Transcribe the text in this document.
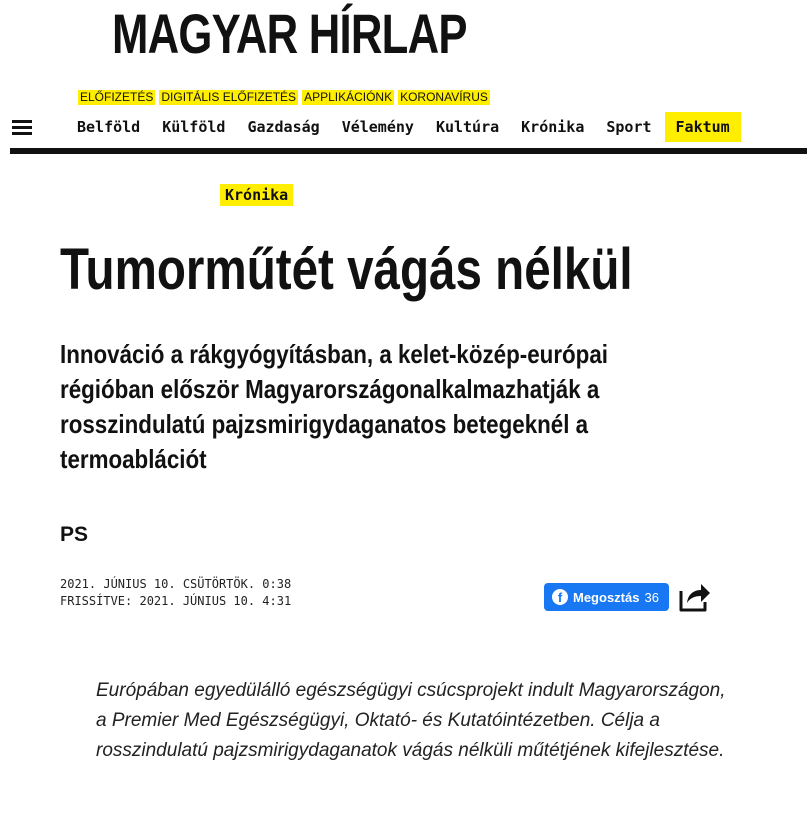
MAGYAR HÍRLAP
ELŐFIZETÉS DIGITÁLIS ELŐFIZETÉS APPLIKÁCIÓNK KORONAVÍRUS
Belföld	Külföld	Gazdaság	Vélemény	Kultúra	Krónika	Sport	Faktum
Krónika
Tumorműtét vágás nélkül

Innováció a rákgyógyításban, a kelet-közép-európai régióban először Magyarországonalkalmazhatják a rosszindulatú pajzsmirigydaganatos betegeknél a termoablációt

PS
2021. JÚNIUS 10. CSÜTÖRTÖK. 0:38
FRISSÍTVE: 2021. JÚNIUS 10. 4:31	f Megosztás 36

Európában egyedülálló egészségügyi csúcsprojekt indult Magyarországon, a Premier Med Egészségügyi, Oktató- és Kutatóintézetben. Célja a rosszindulatú pajzsmirigydaganatok vágás nélküli műtétjének kifejlesztése.
